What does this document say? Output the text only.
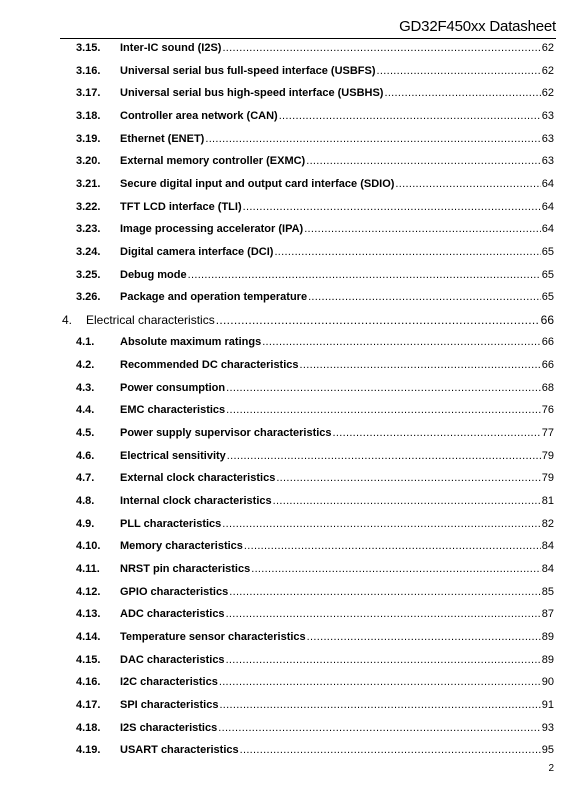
GD32F450xx Datasheet
3.15.	Inter-IC sound (I2S) .....	62
3.16.	Universal serial bus full-speed interface (USBFS) .....	62
3.17.	Universal serial bus high-speed interface (USBHS) .....	62
3.18.	Controller area network (CAN) .....	63
3.19.	Ethernet (ENET) .....	63
3.20.	External memory controller (EXMC) .....	63
3.21.	Secure digital input and output card interface (SDIO) .....	64
3.22.	TFT LCD interface (TLI) .....	64
3.23.	Image processing accelerator (IPA) .....	64
3.24.	Digital camera interface (DCI) .....	65
3.25.	Debug mode .....	65
3.26.	Package and operation temperature .....	65
4.	Electrical characteristics .....	66
4.1.	Absolute maximum ratings .....	66
4.2.	Recommended DC characteristics .....	66
4.3.	Power consumption .....	68
4.4.	EMC characteristics .....	76
4.5.	Power supply supervisor characteristics .....	77
4.6.	Electrical sensitivity .....	79
4.7.	External clock characteristics .....	79
4.8.	Internal clock characteristics .....	81
4.9.	PLL characteristics .....	82
4.10.	Memory characteristics .....	84
4.11.	NRST pin characteristics .....	84
4.12.	GPIO characteristics .....	85
4.13.	ADC characteristics .....	87
4.14.	Temperature sensor characteristics .....	89
4.15.	DAC characteristics .....	89
4.16.	I2C characteristics .....	90
4.17.	SPI characteristics .....	91
4.18.	I2S characteristics .....	93
4.19.	USART characteristics .....	95
2
